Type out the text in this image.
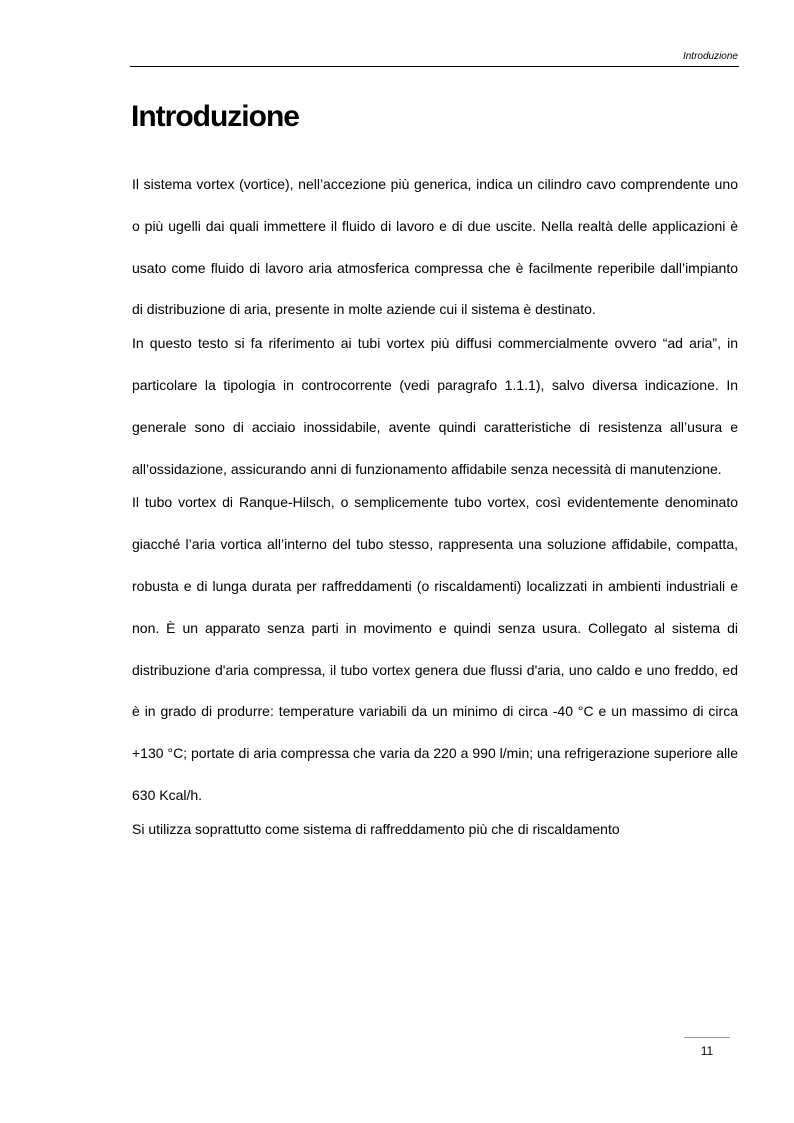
Introduzione
Introduzione

Il sistema vortex (vortice), nell’accezione più generica, indica un cilindro cavo comprendente uno o più ugelli dai quali immettere il fluido di lavoro e di due uscite. Nella realtà delle applicazioni è usato come fluido di lavoro aria atmosferica compressa che è facilmente reperibile dall’impianto di distribuzione di aria, presente in molte aziende cui il sistema è destinato.

In questo testo si fa riferimento ai tubi vortex più diffusi commercialmente ovvero “ad aria”, in particolare la tipologia in controcorrente (vedi paragrafo 1.1.1), salvo diversa indicazione. In generale sono di acciaio inossidabile, avente quindi caratteristiche di resistenza all’usura e all’ossidazione, assicurando anni di funzionamento affidabile senza necessità di manutenzione.

Il tubo vortex di Ranque-Hilsch, o semplicemente tubo vortex, così evidentemente denominato giacché l’aria vortica all’interno del tubo stesso, rappresenta una soluzione affidabile, compatta, robusta e di lunga durata per raffreddamenti (o riscaldamenti) localizzati in ambienti industriali e non. È un apparato senza parti in movimento e quindi senza usura. Collegato al sistema di distribuzione d'aria compressa, il tubo vortex genera due flussi d'aria, uno caldo e uno freddo, ed è in grado di produrre: temperature variabili da un minimo di circa -40 °C e un massimo di circa +130 °C; portate di aria compressa che varia da 220 a 990 l/min; una refrigerazione superiore alle 630 Kcal/h.

Si utilizza soprattutto come sistema di raffreddamento più che di riscaldamento

11
